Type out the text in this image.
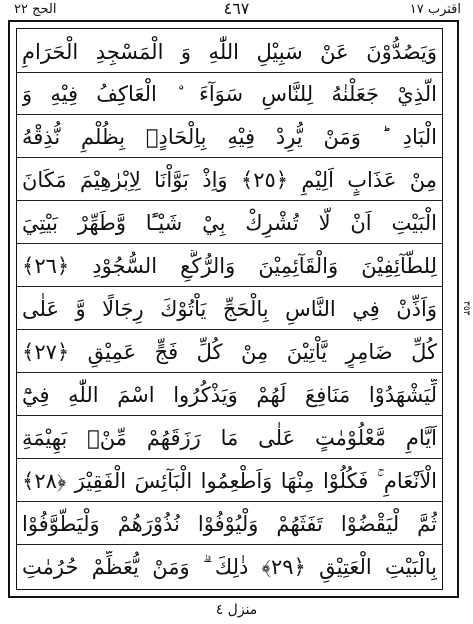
الحج ٢٢	٤٦٧	اقترب ١٧
وَيَصُدُّوْنَ عَنْ سَبِيْلِ اللّٰهِ وَ الْمَسْجِدِ الْحَرَامِ
الَّذِيْ جَعَلْنٰهُ لِلنَّاسِ سَوَآءَ ۨ الْعَاكِفُ فِيْهِ وَ
الْبَادِ ؕ وَمَنْ يُّرِدْ فِيْهِ بِاِلْحَادٍۭ بِظُلْمٍ نُّذِقْهُ
مِنْ عَذَابٍ اَلِيْمٍ ﴿٢٥﴾ وَاِذْ بَوَّاْنَا لِاِبْرٰهِيْمَ مَكَانَ
الْبَيْتِ اَنْ لَّا تُشْرِكْ بِيْ شَيْـًٔا وَّطَهِّرْ بَيْتِيَ
لِلطَّآئِفِيْنَ وَالْقَآئِمِيْنَ وَالرُّكَّعِ السُّجُوْدِ ﴿٢٦﴾
وَاَذِّنْ فِي النَّاسِ بِالْحَجِّ يَاْتُوْكَ رِجَالًا وَّ عَلٰى
كُلِّ ضَامِرٍ يَّاْتِيْنَ مِنْ كُلِّ فَجٍّ عَمِيْقٍ ﴿٢٧﴾
لِّيَشْهَدُوْا مَنَافِعَ لَهُمْ وَيَذْكُرُوا اسْمَ اللّٰهِ فِيْٓ
اَيَّامٍ مَّعْلُوْمٰتٍ عَلٰى مَا رَزَقَهُمْ مِّنْۢ بَهِيْمَةِ
الْاَنْعَامِ ۚ فَكُلُوْا مِنْهَا وَاَطْعِمُوا الْبَآئِسَ الْفَقِيْرَ ﴿٢٨﴾
ثُمَّ لْيَقْضُوْا تَفَثَهُمْ وَلْيُوْفُوْا نُذُوْرَهُمْ وَلْيَطَّوَّفُوْا
بِالْبَيْتِ الْعَتِيْقِ ﴿٢٩﴾ ذٰلِكَ ۗ وَمَنْ يُّعَظِّمْ حُرُمٰتِ
٣٥٣
منزل ٤
